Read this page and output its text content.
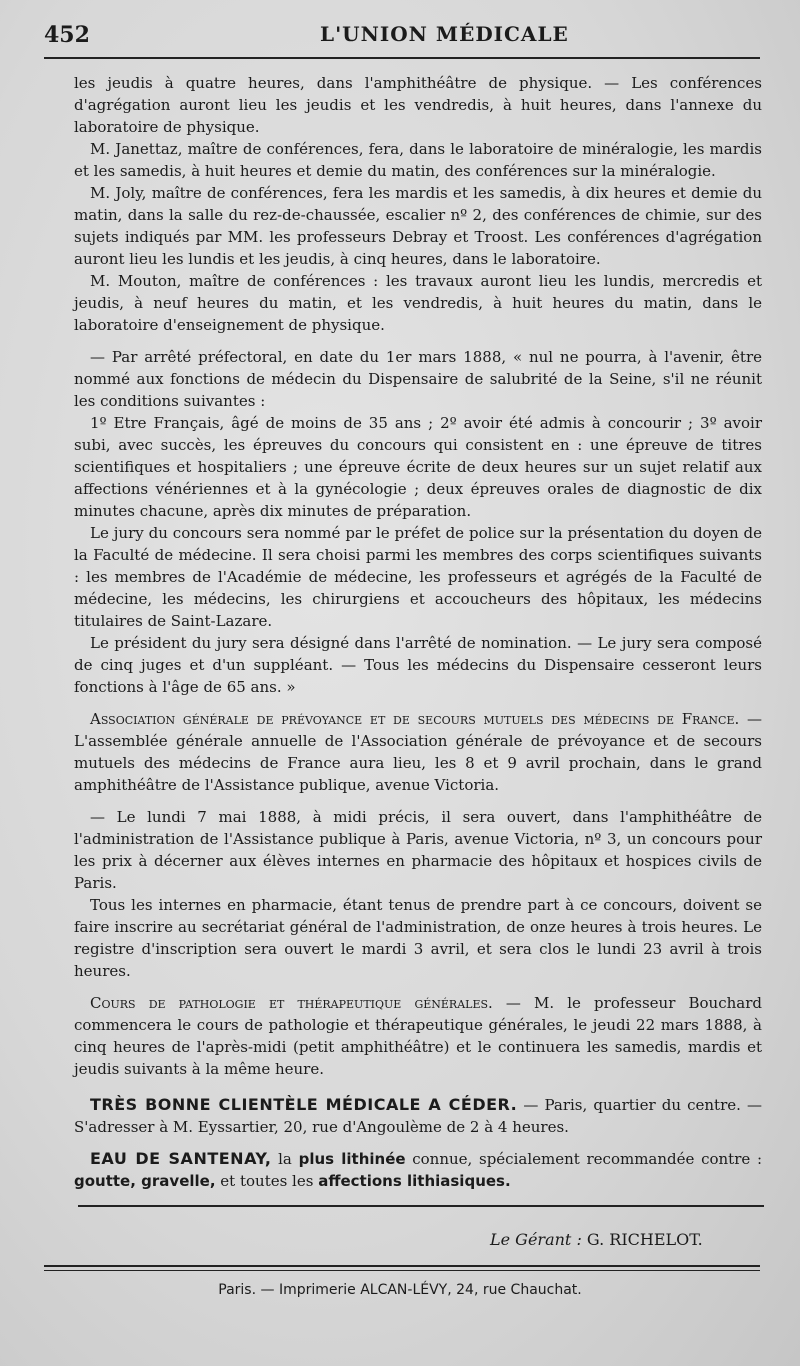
452	L'UNION MÉDICALE

les jeudis à quatre heures, dans l'amphithéâtre de physique. — Les conférences d'agrégation auront lieu les jeudis et les vendredis, à huit heures, dans l'annexe du laboratoire de physique.

M. Janettaz, maître de conférences, fera, dans le laboratoire de minéralogie, les mardis et les samedis, à huit heures et demie du matin, des conférences sur la minéralogie.

M. Joly, maître de conférences, fera les mardis et les samedis, à dix heures et demie du matin, dans la salle du rez-de-chaussée, escalier nº 2, des conférences de chimie, sur des sujets indiqués par MM. les professeurs Debray et Troost. Les conférences d'agrégation auront lieu les lundis et les jeudis, à cinq heures, dans le laboratoire.

M. Mouton, maître de conférences : les travaux auront lieu les lundis, mercredis et jeudis, à neuf heures du matin, et les vendredis, à huit heures du matin, dans le laboratoire d'enseignement de physique.

— Par arrêté préfectoral, en date du 1er mars 1888, « nul ne pourra, à l'avenir, être nommé aux fonctions de médecin du Dispensaire de salubrité de la Seine, s'il ne réunit les conditions suivantes :

1º Etre Français, âgé de moins de 35 ans ; 2º avoir été admis à concourir ; 3º avoir subi, avec succès, les épreuves du concours qui consistent en : une épreuve de titres scientifiques et hospitaliers ; une épreuve écrite de deux heures sur un sujet relatif aux affections vénériennes et à la gynécologie ; deux épreuves orales de diagnostic de dix minutes chacune, après dix minutes de préparation.

Le jury du concours sera nommé par le préfet de police sur la présentation du doyen de la Faculté de médecine. Il sera choisi parmi les membres des corps scientifiques suivants : les membres de l'Académie de médecine, les professeurs et agrégés de la Faculté de médecine, les médecins, les chirurgiens et accoucheurs des hôpitaux, les médecins titulaires de Saint-Lazare.

Le président du jury sera désigné dans l'arrêté de nomination. — Le jury sera composé de cinq juges et d'un suppléant. — Tous les médecins du Dispensaire cesseront leurs fonctions à l'âge de 65 ans. »

Association générale de prévoyance et de secours mutuels des médecins de France. — L'assemblée générale annuelle de l'Association générale de prévoyance et de secours mutuels des médecins de France aura lieu, les 8 et 9 avril prochain, dans le grand amphithéâtre de l'Assistance publique, avenue Victoria.

— Le lundi 7 mai 1888, à midi précis, il sera ouvert, dans l'amphithéâtre de l'administration de l'Assistance publique à Paris, avenue Victoria, nº 3, un concours pour les prix à décerner aux élèves internes en pharmacie des hôpitaux et hospices civils de Paris.

Tous les internes en pharmacie, étant tenus de prendre part à ce concours, doivent se faire inscrire au secrétariat général de l'administration, de onze heures à trois heures. Le registre d'inscription sera ouvert le mardi 3 avril, et sera clos le lundi 23 avril à trois heures.

Cours de pathologie et thérapeutique générales. — M. le professeur Bouchard commencera le cours de pathologie et thérapeutique générales, le jeudi 22 mars 1888, à cinq heures de l'après-midi (petit amphithéâtre) et le continuera les samedis, mardis et jeudis suivants à la même heure.

TRÈS BONNE CLIENTÈLE MÉDICALE A CÉDER. — Paris, quartier du centre. — S'adresser à M. Eyssartier, 20, rue d'Angoulème de 2 à 4 heures.

EAU DE SANTENAY, la plus lithinée connue, spécialement recommandée contre : goutte, gravelle, et toutes les affections lithiasiques.

Le Gérant : G. RICHELOT.
Paris. — Imprimerie ALCAN-LÉVY, 24, rue Chauchat.
